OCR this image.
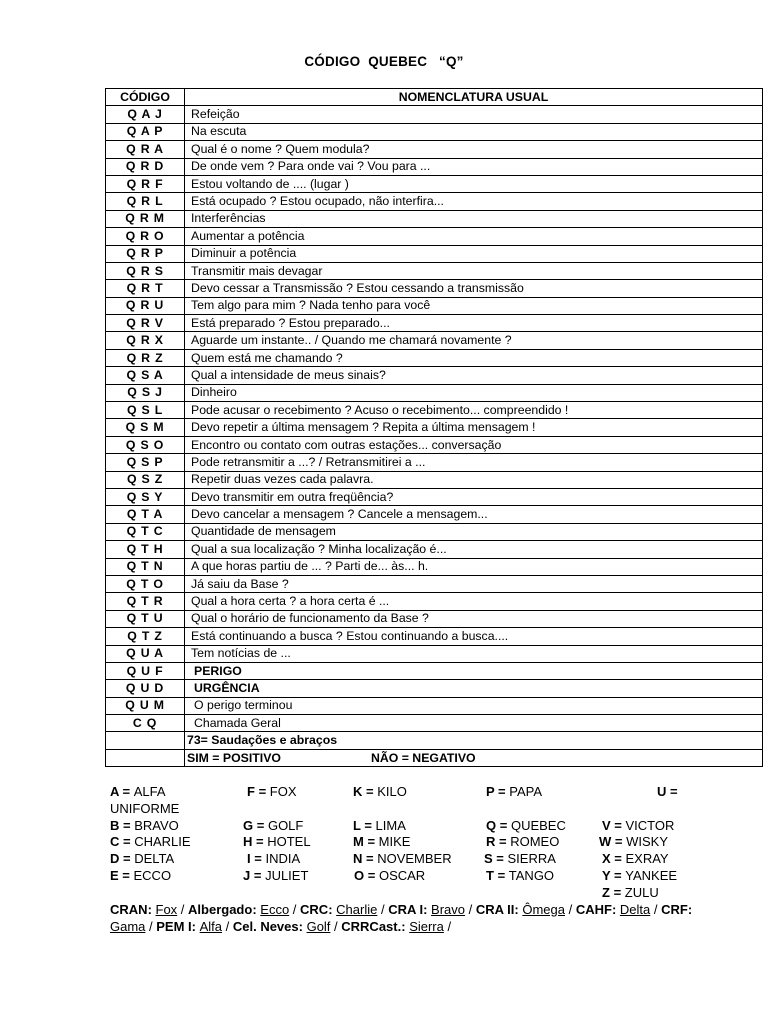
CÓDIGO  QUEBEC   “Q”
CÓDIGO	NOMENCLATURA USUAL
Q A J	Refeição
Q A P	Na escuta
Q R A	Qual é o nome ? Quem modula?
Q R D	De onde vem ? Para onde vai ? Vou para ...
Q R F	Estou voltando de .... (lugar )
Q R L	Está ocupado ? Estou ocupado, não interfira...
Q R M	Interferências
Q R O	Aumentar a potência
Q R P	Diminuir a potência
Q R S	Transmitir mais devagar
Q R T	Devo cessar a Transmissão ? Estou cessando a transmissão
Q R U	Tem algo para mim ? Nada tenho para você
Q R V	Está preparado ? Estou preparado...
Q R X	Aguarde um instante.. / Quando me chamará novamente ?
Q R Z	Quem está me chamando ?
Q S A	Qual a intensidade de meus sinais?
Q S J	Dinheiro
Q S L	Pode acusar o recebimento ? Acuso o recebimento... compreendido !
Q S M	Devo repetir a última mensagem ? Repita a última mensagem !
Q S O	Encontro ou contato com outras estações... conversação
Q S P	Pode retransmitir a ...? / Retransmitirei a ...
Q S Z	Repetir duas vezes cada palavra.
Q S Y	Devo transmitir em outra freqüência?
Q T A	Devo cancelar a mensagem ? Cancele a mensagem...
Q T C	Quantidade de mensagem
Q T H	Qual a sua localização ? Minha localização é...
Q T N	A que horas partiu de ... ? Parti de... às... h.
Q T O	Já saiu da Base ?
Q T R	Qual a hora certa ? a hora certa é ...
Q T U	Qual o horário de funcionamento da Base ?
Q T Z	Está continuando a busca ? Estou continuando a busca....
Q U A	Tem notícias de ...
Q U F	PERIGO
Q U D	URGÊNCIA
Q U M	O perigo terminou
C Q	Chamada Geral
	73= Saudações e abraços
	SIM = POSITIVO NÃO = NEGATIVO
A = ALFA	F = FOX	K = KILO	P = PAPA	U =
UNIFORME
B = BRAVO	G = GOLF	L = LIMA	Q = QUEBEC	V = VICTOR
C = CHARLIE	H = HOTEL	M = MIKE	R = ROMEO	W = WISKY
D = DELTA	I = INDIA	N = NOVEMBER S = SIERRA	X = EXRAY
E = ECCO	J = JULIET	O = OSCAR	T = TANGO	Y = YANKEE
Z = ZULU
CRAN: Fox / Albergado: Ecco / CRC: Charlie / CRA I: Bravo / CRA II: Ômega / CAHF: Delta / CRF: Gama / PEM I: Alfa / Cel. Neves: Golf / CRRCast.: Sierra /
